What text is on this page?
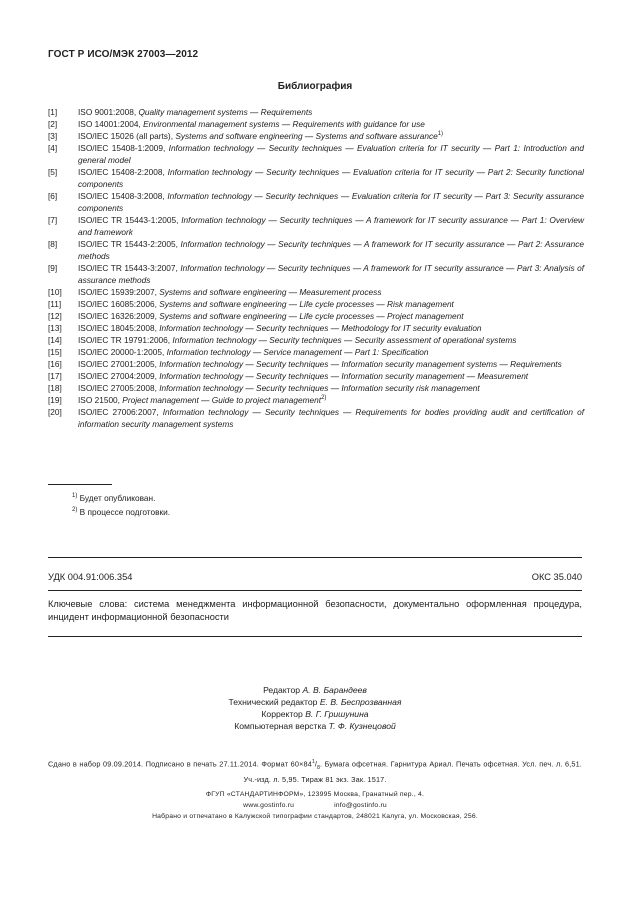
ГОСТ Р ИСО/МЭК 27003—2012
Библиография
[1]	ISO 9001:2008, Quality management systems — Requirements
[2]	ISO 14001:2004, Environmental management systems — Requirements with guidance for use
[3]	ISO/IEC 15026 (all parts), Systems and software engineering — Systems and software assurance$^{1)}$
[4]	ISO/IEC 15408-1:2009, Information technology — Security techniques — Evaluation criteria for IT security — Part 1: Introduction and general model
[5]	ISO/IEC 15408-2:2008, Information technology — Security techniques — Evaluation criteria for IT security — Part 2: Security functional components
[6]	ISO/IEC 15408-3:2008, Information technology — Security techniques — Evaluation criteria for IT security — Part 3: Security assurance components
[7]	ISO/IEC TR 15443-1:2005, Information technology — Security techniques — A framework for IT security assurance — Part 1: Overview and framework
[8]	ISO/IEC TR 15443-2:2005, Information technology — Security techniques — A framework for IT security assurance — Part 2: Assurance methods
[9]	ISO/IEC TR 15443-3:2007, Information technology — Security techniques — A framework for IT security assurance — Part 3: Analysis of assurance methods
[10]	ISO/IEC 15939:2007, Systems and software engineering — Measurement process
[11]	ISO/IEC 16085:2006, Systems and software engineering — Life cycle processes — Risk management
[12]	ISO/IEC 16326:2009, Systems and software engineering — Life cycle processes — Project management
[13]	ISO/IEC 18045:2008, Information technology — Security techniques — Methodology for IT security evaluation
[14]	ISO/IEC TR 19791:2006, Information technology — Security techniques — Security assessment of operational systems
[15]	ISO/IEC 20000-1:2005, Information technology — Service management — Part 1: Specification
[16]	ISO/IEC 27001:2005, Information technology — Security techniques — Information security management systems — Requirements
[17]	ISO/IEC 27004:2009, Information technology — Security techniques — Information security management — Measurement
[18]	ISO/IEC 27005:2008, Information technology — Security techniques — Information security risk management
[19]	ISO 21500, Project management — Guide to project management$^{2)}$
[20]	ISO/IEC 27006:2007, Information technology — Security techniques — Requirements for bodies providing audit and certification of information security management systems
$^{1)}$ Будет опубликован.
$^{2)}$ В процессе подготовки.
УДК 004.91:006.354	ОКС 35.040
Ключевые слова: система менеджмента информационной безопасности, документально оформленная процедура, инцидент информационной безопасности
Редактор А. В. Барандеев
Технический редактор Е. В. Беспрозванная
Корректор В. Г. Гришунина
Компьютерная верстка Т. Ф. Кузнецовой
Сдано в набор 09.09.2014. Подписано в печать 27.11.2014. Формат $60\times 84^1/_8$. Бумага офсетная. Гарнитура Ариал. Печать офсетная. Усл. печ. л. 6,51. Уч.-изд. л. 5,95. Тираж 81 экз. Зак. 1517.
ФГУП «СТАНДАРТИНФОРМ», 123995 Москва, Гранатный пер., 4.
www.gostinfo.ru	info@gostinfo.ru
Набрано и отпечатано в Калужской типографии стандартов, 248021 Калуга, ул. Московская, 256.
